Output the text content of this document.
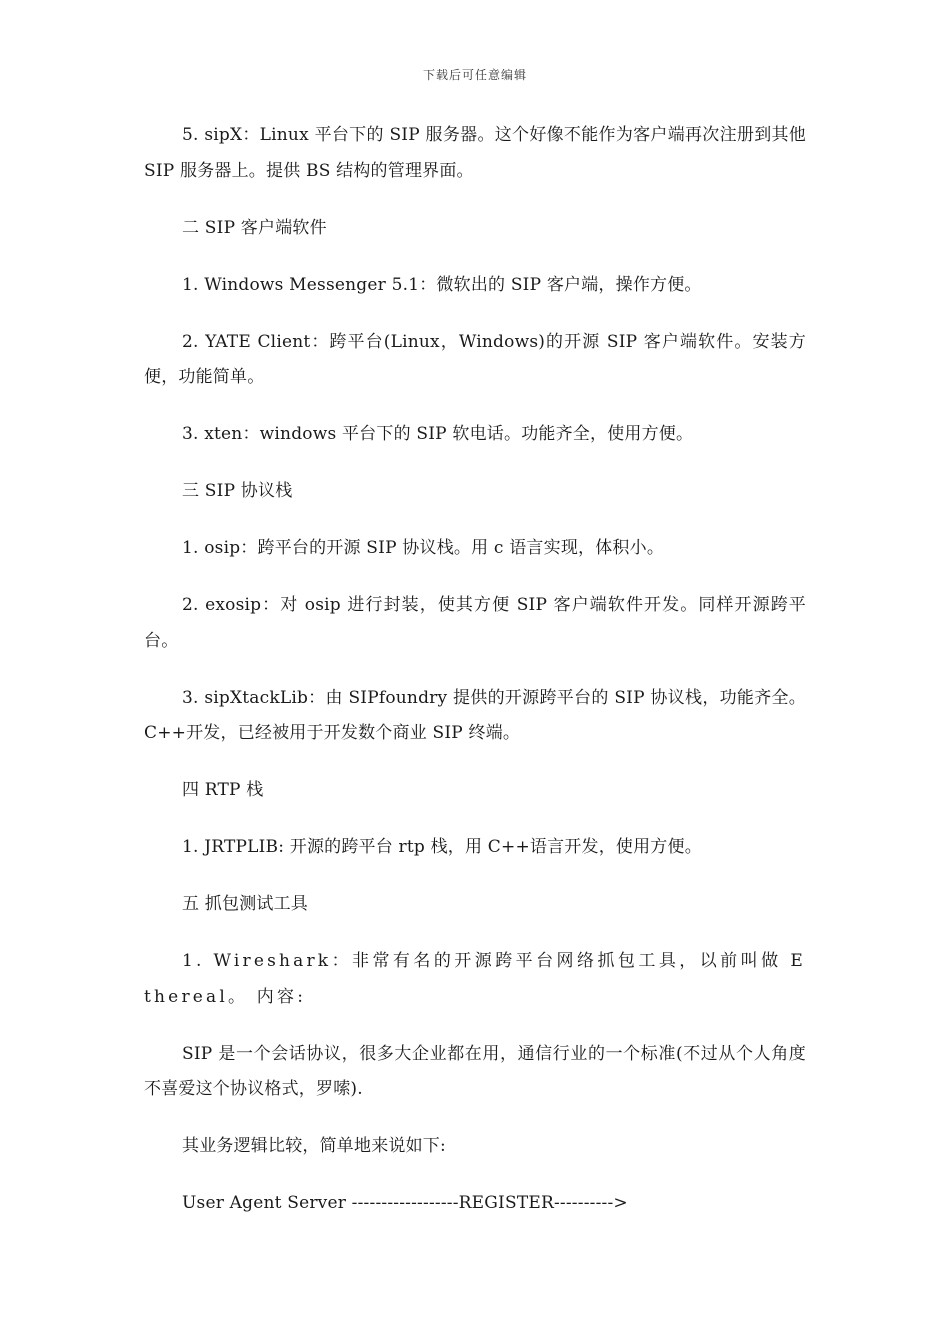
下载后可任意编辑

5. sipX：Linux 平台下的 SIP 服务器。这个好像不能作为客户端再次注册到其他 SIP 服务器上。提供 BS 结构的管理界面。

二 SIP 客户端软件

1. Windows Messenger 5.1：微软出的 SIP 客户端，操作方便。

2. YATE Client：跨平台(Linux，Windows)的开源 SIP 客户端软件。安装方便，功能简单。

3. xten：windows 平台下的 SIP 软电话。功能齐全，使用方便。

三 SIP 协议栈

1. osip：跨平台的开源 SIP 协议栈。用 c 语言实现，体积小。

2. exosip：对 osip 进行封装，使其方便 SIP 客户端软件开发。同样开源跨平台。

3. sipXtackLib：由 SIPfoundry 提供的开源跨平台的 SIP 协议栈，功能齐全。C++开发，已经被用于开发数个商业 SIP 终端。

四 RTP 栈

1. JRTPLIB: 开源的跨平台 rtp 栈，用 C++语言开发，使用方便。

五 抓包测试工具

1. Wireshark：非常有名的开源跨平台网络抓包工具，以前叫做 Ethereal。 内容:

SIP 是一个会话协议，很多大企业都在用，通信行业的一个标准(不过从个人角度不喜爱这个协议格式，罗嗦).

其业务逻辑比较，简单地来说如下:

User Agent Server ------------------REGISTER---------->
